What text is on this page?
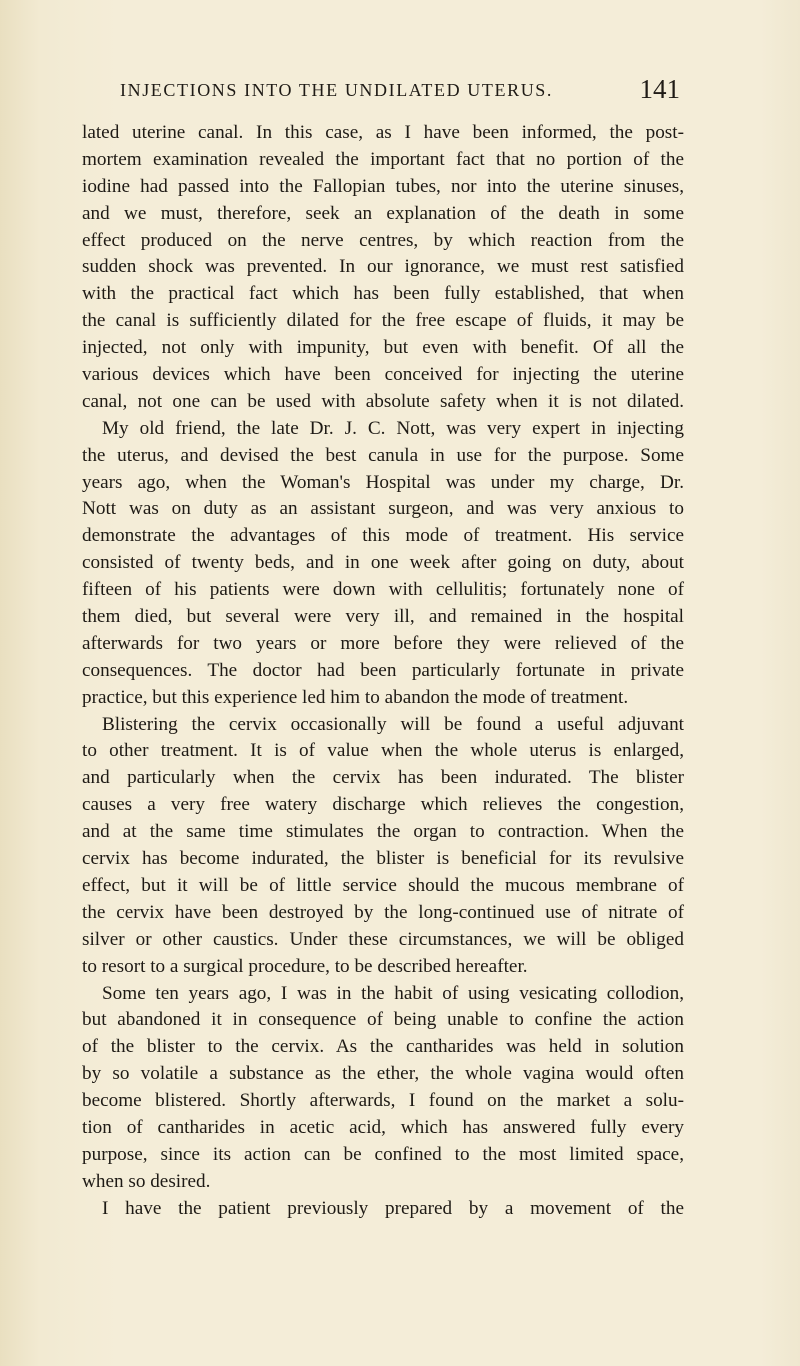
INJECTIONS INTO THE UNDILATED UTERUS.	141
lated uterine canal. In this case, as I have been informed, the post-
mortem examination revealed the important fact that no portion of the
iodine had passed into the Fallopian tubes, nor into the uterine sinuses,
and we must, therefore, seek an explanation of the death in some
effect produced on the nerve centres, by which reaction from the
sudden shock was prevented. In our ignorance, we must rest satisfied
with the practical fact which has been fully established, that when
the canal is sufficiently dilated for the free escape of fluids, it may be
injected, not only with impunity, but even with benefit. Of all the
various devices which have been conceived for injecting the uterine
canal, not one can be used with absolute safety when it is not dilated.
My old friend, the late Dr. J. C. Nott, was very expert in injecting
the uterus, and devised the best canula in use for the purpose. Some
years ago, when the Woman's Hospital was under my charge, Dr.
Nott was on duty as an assistant surgeon, and was very anxious to
demonstrate the advantages of this mode of treatment. His service
consisted of twenty beds, and in one week after going on duty, about
fifteen of his patients were down with cellulitis; fortunately none of
them died, but several were very ill, and remained in the hospital
afterwards for two years or more before they were relieved of the
consequences. The doctor had been particularly fortunate in private
practice, but this experience led him to abandon the mode of treatment.
Blistering the cervix occasionally will be found a useful adjuvant
to other treatment. It is of value when the whole uterus is enlarged,
and particularly when the cervix has been indurated. The blister
causes a very free watery discharge which relieves the congestion,
and at the same time stimulates the organ to contraction. When the
cervix has become indurated, the blister is beneficial for its revulsive
effect, but it will be of little service should the mucous membrane of
the cervix have been destroyed by the long-continued use of nitrate of
silver or other caustics. Under these circumstances, we will be obliged
to resort to a surgical procedure, to be described hereafter.
Some ten years ago, I was in the habit of using vesicating collodion,
but abandoned it in consequence of being unable to confine the action
of the blister to the cervix. As the cantharides was held in solution
by so volatile a substance as the ether, the whole vagina would often
become blistered. Shortly afterwards, I found on the market a solu-
tion of cantharides in acetic acid, which has answered fully every
purpose, since its action can be confined to the most limited space,
when so desired.
I have the patient previously prepared by a movement of the
